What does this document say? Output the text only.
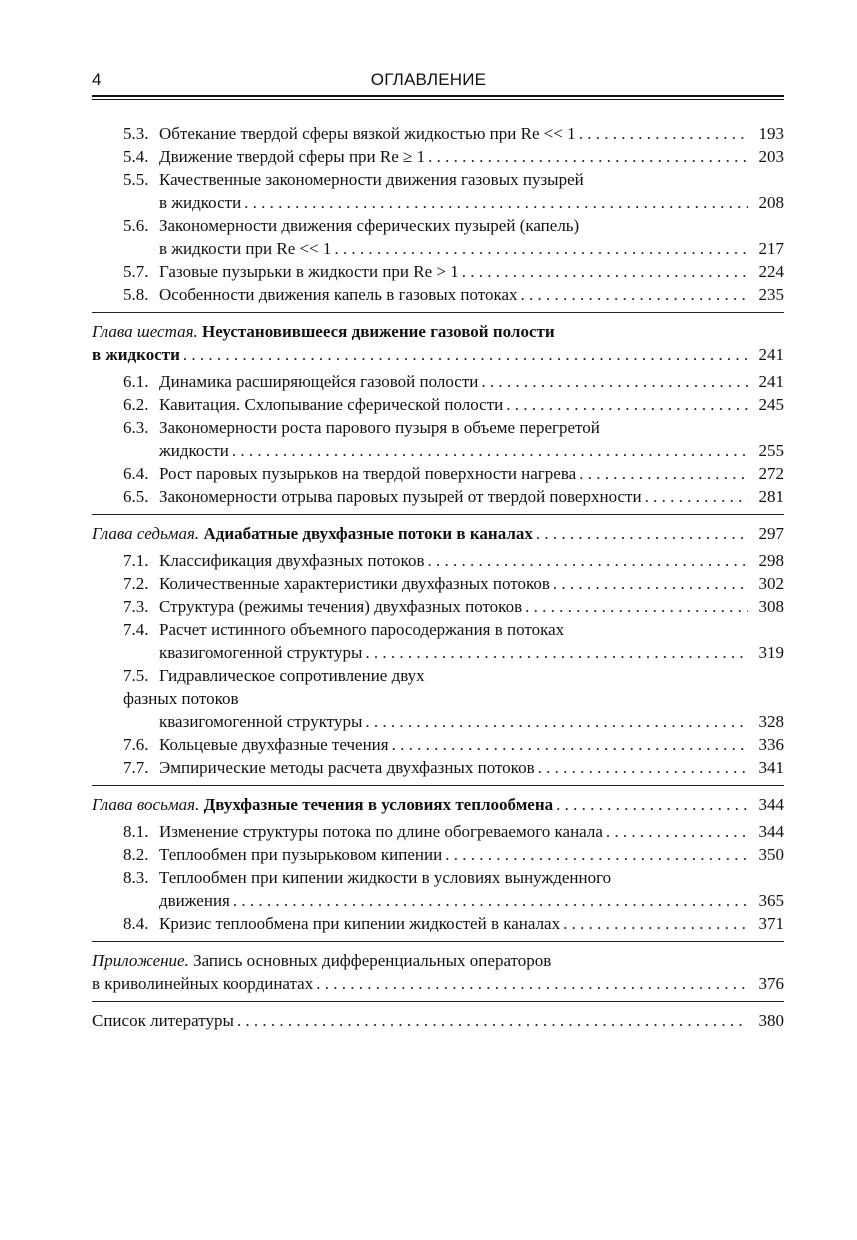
4	ОГЛАВЛЕНИЕ
5.3. Обтекание твердой сферы вязкой жидкостью при Re << 1 . . .	193
5.4. Движение твердой сферы при Re ≥ 1 . . .	203
5.5. Качественные закономерности движения газовых пузырей
в жидкости . . .	208
5.6. Закономерности движения сферических пузырей (капель)
в жидкости при Re << 1 . . .	217
5.7. Газовые пузырьки в жидкости при Re > 1 . . .	224
5.8. Особенности движения капель в газовых потоках . . .	235
Глава шестая. Неустановившееся движение газовой полости
в жидкости . . .	241
6.1. Динамика расширяющейся газовой полости . . .	241
6.2. Кавитация. Схлопывание сферической полости . . .	245
6.3. Закономерности роста парового пузыря в объеме перегретой
жидкости . . .	255
6.4. Рост паровых пузырьков на твердой поверхности нагрева . . .	272
6.5. Закономерности отрыва паровых пузырей от твердой поверхности . . .	281
Глава седьмая. Адиабатные двухфазные потоки в каналах . . .	297
7.1. Классификация двухфазных потоков . . .	298
7.2. Количественные характеристики двухфазных потоков . . .	302
7.3. Структура (режимы течения) двухфазных потоков . . .	308
7.4. Расчет истинного объемного паросодержания в потоках
квазигомогенной структуры . . .	319
7.5. Гидравлическое сопротивление двух
фазных потоков
квазигомогенной структуры . . .	328
7.6. Кольцевые двухфазные течения . . .	336
7.7. Эмпирические методы расчета двухфазных потоков . . .	341
Глава восьмая. Двухфазные течения в условиях теплообмена . . .	344
8.1. Изменение структуры потока по длине обогреваемого канала . . .	344
8.2. Теплообмен при пузырьковом кипении . . .	350
8.3. Теплообмен при кипении жидкости в условиях вынужденного
движения . . .	365
8.4. Кризис теплообмена при кипении жидкостей в каналах . . .	371
Приложение. Запись основных дифференциальных операторов
в криволинейных координатах . . .	376
Список литературы . . .	380
